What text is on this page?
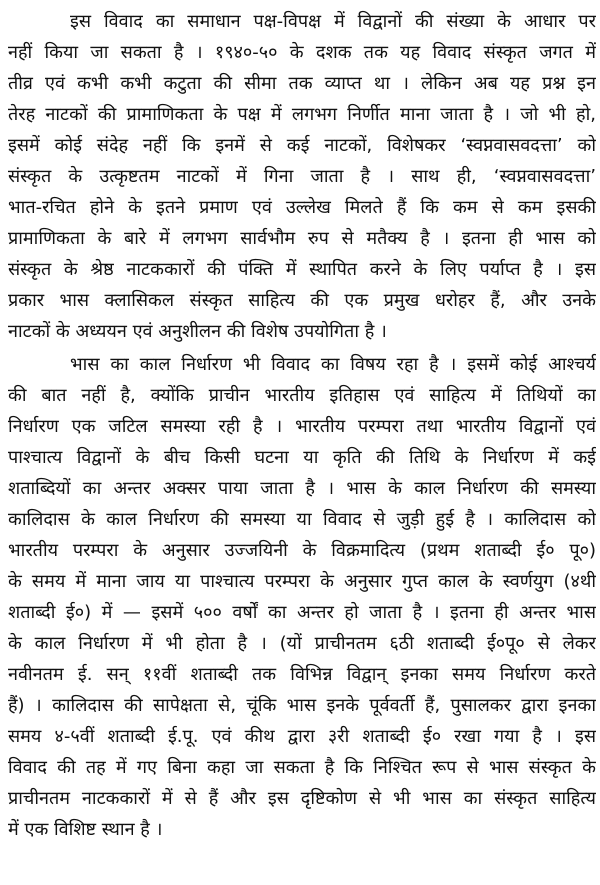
इस विवाद का समाधान पक्ष-विपक्ष में विद्वानों की संख्या के आधार पर
नहीं किया जा सकता है । १९४०-५० के दशक तक यह विवाद संस्कृत जगत में
तीव्र एवं कभी कभी कटुता की सीमा तक व्याप्त था । लेकिन अब यह प्रश्न इन
तेरह नाटकों की प्रामाणिकता के पक्ष में लगभग निर्णीत माना जाता है । जो भी हो,
इसमें कोई संदेह नहीं कि इनमें से कई नाटकों, विशेषकर ‘स्वप्नवासवदत्ता’ को
संस्कृत के उत्कृष्टतम नाटकों में गिना जाता है । साथ ही, ‘स्वप्नवासवदत्ता’
भात-रचित होने के इतने प्रमाण एवं उल्लेख मिलते हैं कि कम से कम इसकी
प्रामाणिकता के बारे में लगभग सार्वभौम रुप से मतैक्य है । इतना ही भास को
संस्कृत के श्रेष्ठ नाटककारों की पंक्ति में स्थापित करने के लिए पर्याप्त है । इस
प्रकार भास क्लासिकल संस्कृत साहित्य की एक प्रमुख धरोहर हैं, और उनके
नाटकों के अध्ययन एवं अनुशीलन की विशेष उपयोगिता है ।
भास का काल निर्धारण भी विवाद का विषय रहा है । इसमें कोई आश्चर्य
की बात नहीं है, क्योंकि प्राचीन भारतीय इतिहास एवं साहित्य में तिथियों का
निर्धारण एक जटिल समस्या रही है । भारतीय परम्परा तथा भारतीय विद्वानों एवं
पाश्चात्य विद्वानों के बीच किसी घटना या कृति की तिथि के निर्धारण में कई
शताब्दियों का अन्तर अक्सर पाया जाता है । भास के काल निर्धारण की समस्या
कालिदास के काल निर्धारण की समस्या या विवाद से जुड़ी हुई है । कालिदास को
भारतीय परम्परा के अनुसार उज्जयिनी के विक्रमादित्य (प्रथम शताब्दी ई० पू०)
के समय में माना जाय या पाश्चात्य परम्परा के अनुसार गुप्त काल के स्वर्णयुग (४थी
शताब्दी ई०) में — इसमें ५०० वर्षों का अन्तर हो जाता है । इतना ही अन्तर भास
के काल निर्धारण में भी होता है । (यों प्राचीनतम ६ठी शताब्दी ई०पू० से लेकर
नवीनतम ई. सन् ११वीं शताब्दी तक विभिन्न विद्वान् इनका समय निर्धारण करते
हैं) । कालिदास की सापेक्षता से, चूंकि भास इनके पूर्ववर्ती हैं, पुसालकर द्वारा इनका
समय ४-५वीं शताब्दी ई.पू. एवं कीथ द्वारा ३री शताब्दी ई० रखा गया है । इस
विवाद की तह में गए बिना कहा जा सकता है कि निश्चित रूप से भास संस्कृत के
प्राचीनतम नाटककारों में से हैं और इस दृष्टिकोण से भी भास का संस्कृत साहित्य
में एक विशिष्ट स्थान है ।
